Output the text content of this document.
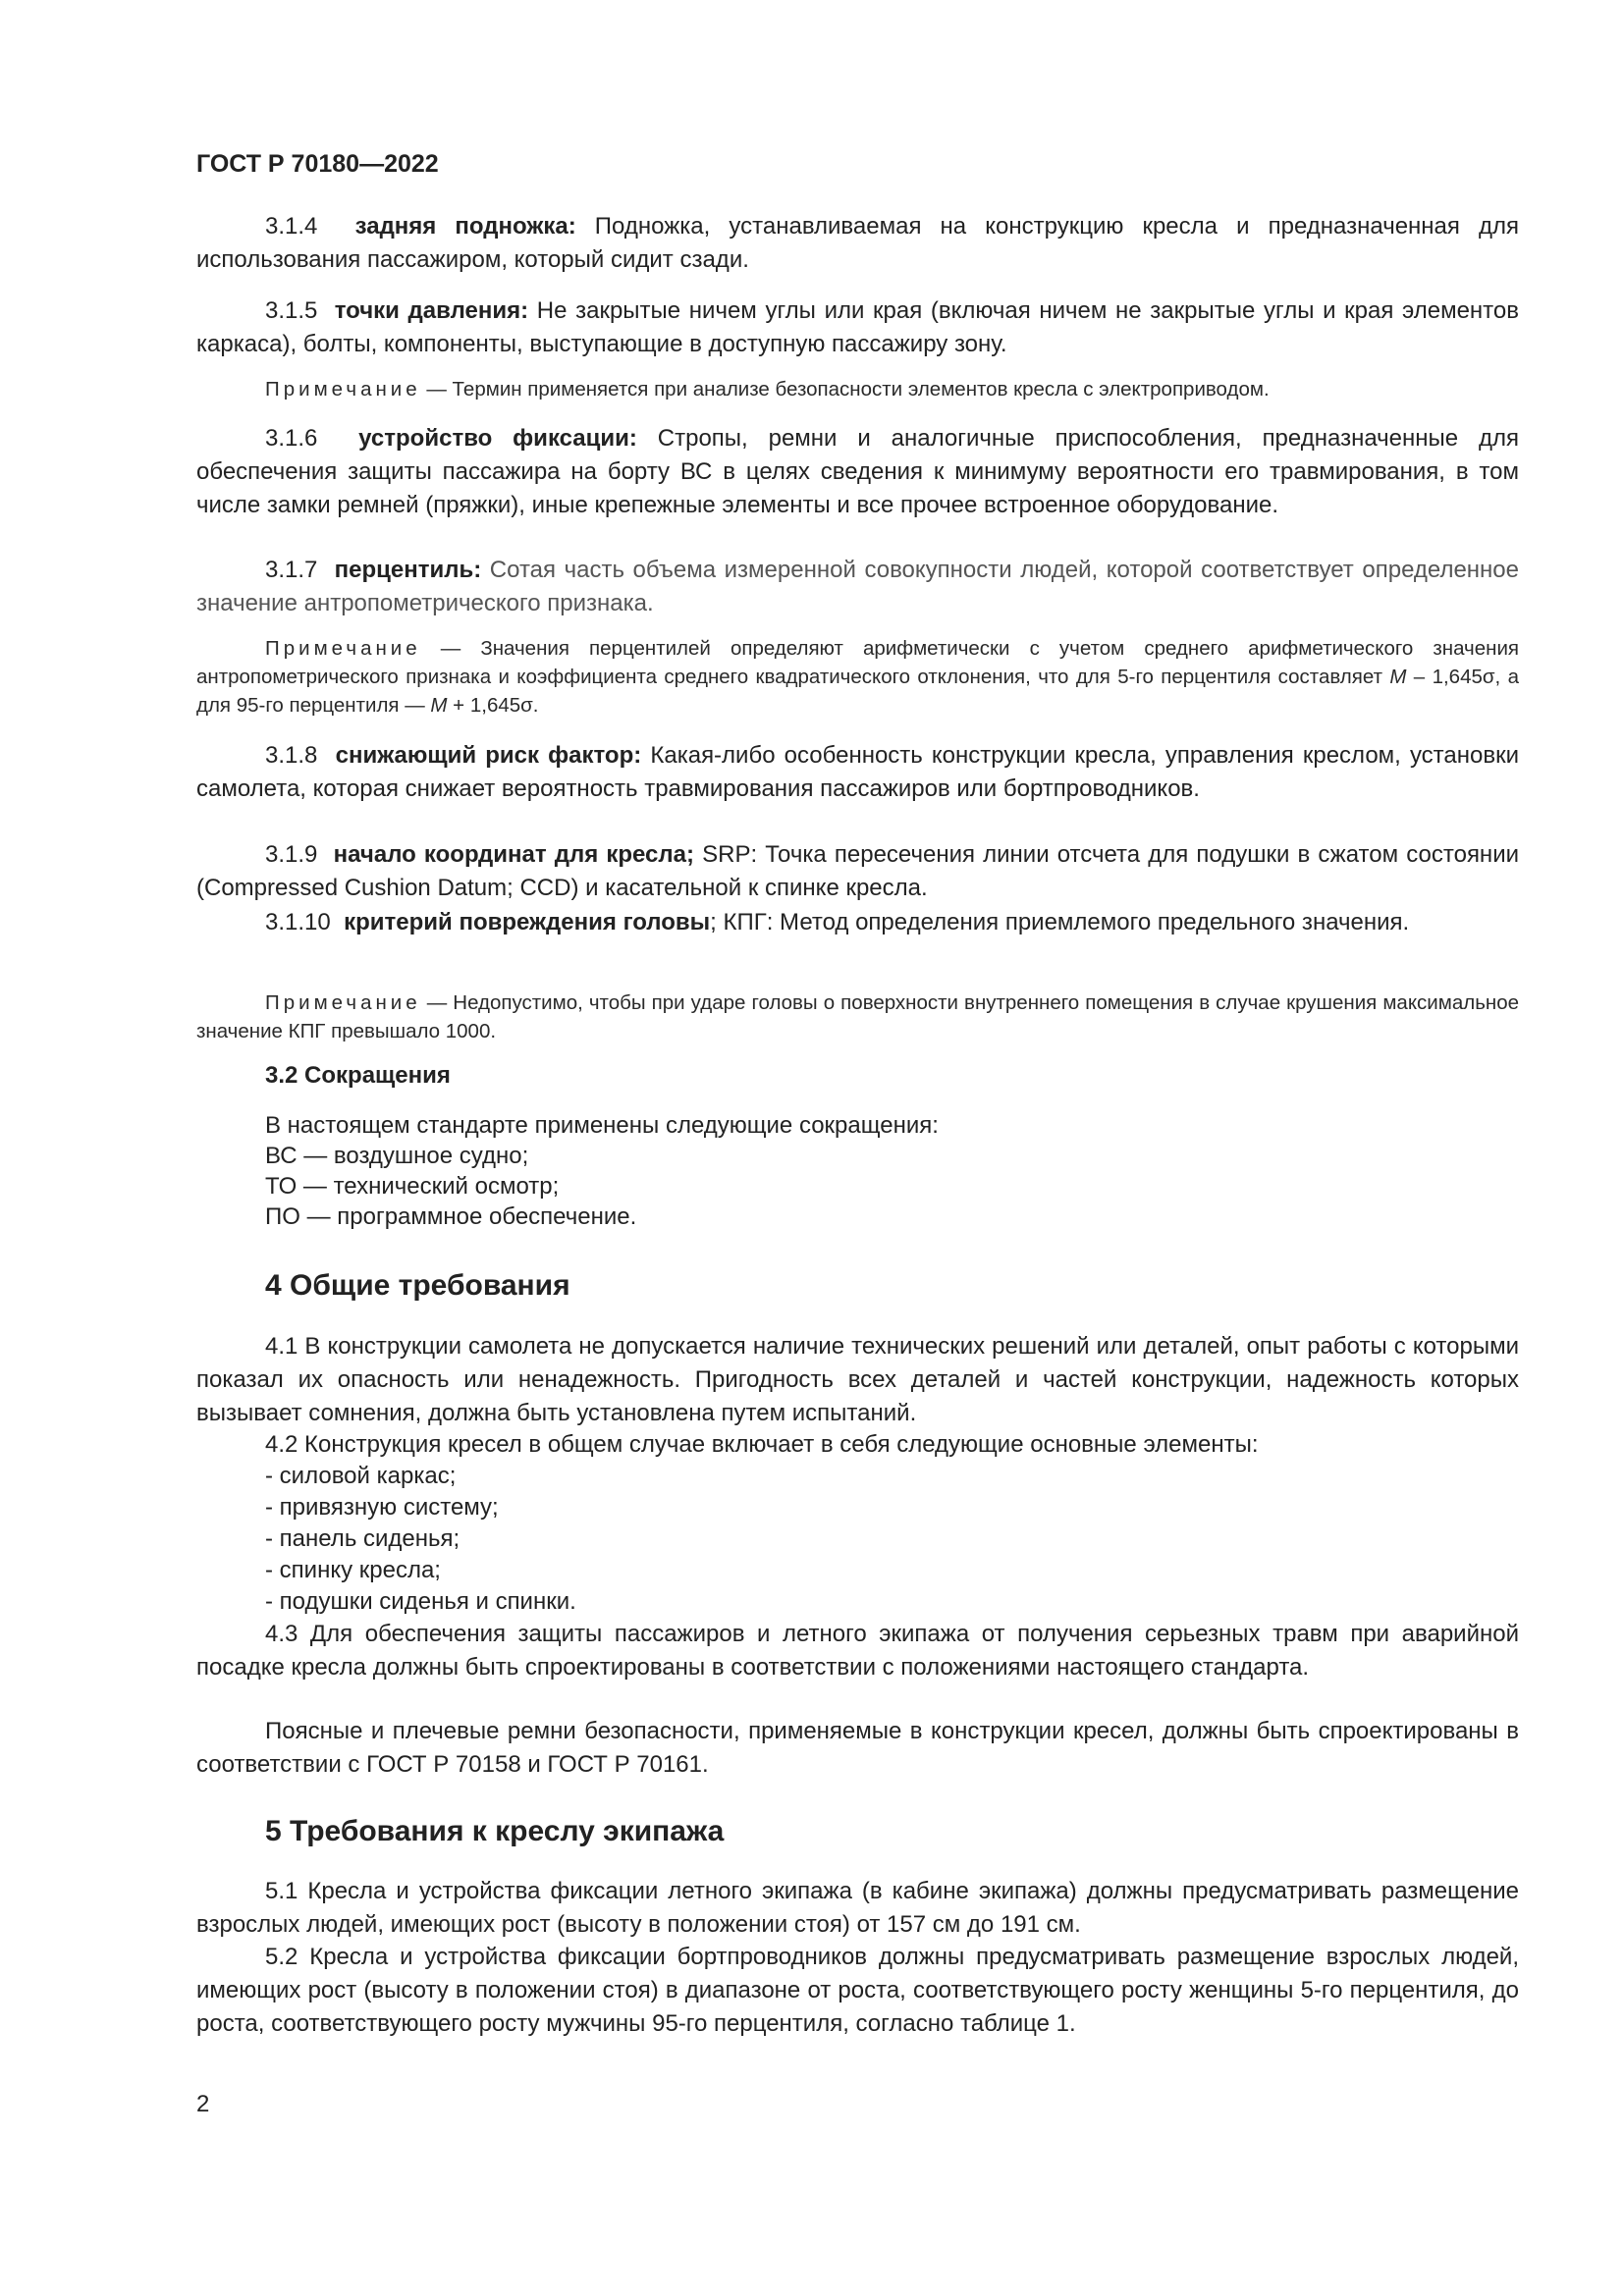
ГОСТ Р 70180—2022

3.1.4 задняя подножка: Подножка, устанавливаемая на конструкцию кресла и предназначенная для использования пассажиром, который сидит сзади.

3.1.5 точки давления: Не закрытые ничем углы или края (включая ничем не закрытые углы и края элементов каркаса), болты, компоненты, выступающие в доступную пассажиру зону.

Примечание — Термин применяется при анализе безопасности элементов кресла с электроприводом.

3.1.6 устройство фиксации: Стропы, ремни и аналогичные приспособления, предназначенные для обеспечения защиты пассажира на борту ВС в целях сведения к минимуму вероятности его травмирования, в том числе замки ремней (пряжки), иные крепежные элементы и все прочее встроенное оборудование.

3.1.7 перцентиль: Сотая часть объема измеренной совокупности людей, которой соответствует определенное значение антропометрического признака.

Примечание — Значения перцентилей определяют арифметически с учетом среднего арифметического значения антропометрического признака и коэффициента среднего квадратического отклонения, что для 5-го перцентиля составляет M – 1,645σ, а для 95-го перцентиля — M + 1,645σ.

3.1.8 снижающий риск фактор: Какая-либо особенность конструкции кресла, управления креслом, установки самолета, которая снижает вероятность травмирования пассажиров или бортпроводников.

3.1.9 начало координат для кресла; SRP: Точка пересечения линии отсчета для подушки в сжатом состоянии (Compressed Cushion Datum; CCD) и касательной к спинке кресла.

3.1.10 критерий повреждения головы; КПГ: Метод определения приемлемого предельного значения.

Примечание — Недопустимо, чтобы при ударе головы о поверхности внутреннего помещения в случае крушения максимальное значение КПГ превышало 1000.

3.2 Сокращения
В настоящем стандарте применены следующие сокращения:
ВС — воздушное судно;
ТО — технический осмотр;
ПО — программное обеспечение.
4 Общие требования

4.1 В конструкции самолета не допускается наличие технических решений или деталей, опыт работы с которыми показал их опасность или ненадежность. Пригодность всех деталей и частей конструкции, надежность которых вызывает сомнения, должна быть установлена путем испытаний.

4.2 Конструкция кресел в общем случае включает в себя следующие основные элементы:

- силовой каркас;
- привязную систему;
- панель сиденья;
- спинку кресла;
- подушки сиденья и спинки.

4.3 Для обеспечения защиты пассажиров и летного экипажа от получения серьезных травм при аварийной посадке кресла должны быть спроектированы в соответствии с положениями настоящего стандарта.

Поясные и плечевые ремни безопасности, применяемые в конструкции кресел, должны быть спроектированы в соответствии с ГОСТ Р 70158 и ГОСТ Р 70161.

5 Требования к креслу экипажа

5.1 Кресла и устройства фиксации летного экипажа (в кабине экипажа) должны предусматривать размещение взрослых людей, имеющих рост (высоту в положении стоя) от 157 см до 191 см.

5.2 Кресла и устройства фиксации бортпроводников должны предусматривать размещение взрослых людей, имеющих рост (высоту в положении стоя) в диапазоне от роста, соответствующего росту женщины 5-го перцентиля, до роста, соответствующего росту мужчины 95-го перцентиля, согласно таблице 1.

2
